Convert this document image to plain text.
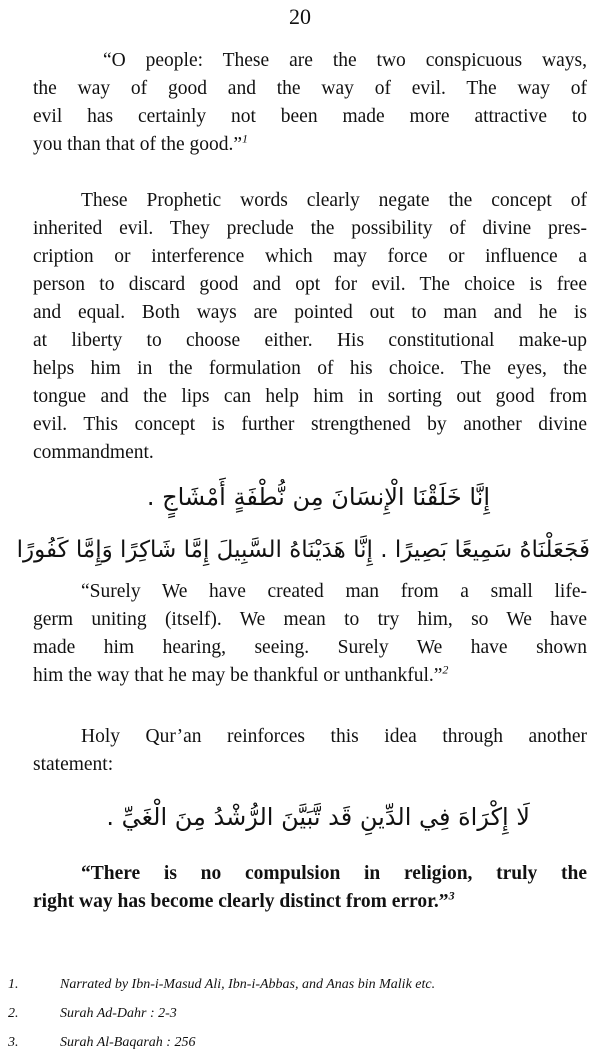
20
“O people: These are the two conspicuous ways,
the way of good and the way of evil. The way of
evil has certainly not been made more attractive to
you than that of the good.”$^1$
These Prophetic words clearly negate the concept of
inherited evil. They preclude the possibility of divine pres-
cription or interference which may force or influence a
person to discard good and opt for evil. The choice is free
and equal. Both ways are pointed out to man and he is
at liberty to choose either. His constitutional make-up
helps him in the formulation of his choice. The eyes, the
tongue and the lips can help him in sorting out good from
evil. This concept is further strengthened by another divine
commandment.
إِنَّا خَلَقْنَا الْإِنسَانَ مِن نُّطْفَةٍ أَمْشَاجٍ .
فَجَعَلْنَاهُ سَمِيعًا بَصِيرًا . إِنَّا هَدَيْنَاهُ السَّبِيلَ إِمَّا شَاكِرًا وَإِمَّا كَفُورًا
“Surely We have created man from a small life-
germ uniting (itself). We mean to try him, so We have
made him hearing, seeing. Surely We have shown
him the way that he may be thankful or unthankful.”$^2$
Holy Qur’an reinforces this idea through another
statement:
لَا إِكْرَاهَ فِي الدِّينِ قَد تَّبَيَّنَ الرُّشْدُ مِنَ الْغَيِّ .
“There is no compulsion in religion, truly the
right way has become clearly distinct from error.”$^3$
1.	Narrated by Ibn-i-Masud Ali, Ibn-i-Abbas, and Anas bin Malik etc.
2.	Surah Ad-Dahr : 2-3
3.	Surah Al-Baqarah : 256
